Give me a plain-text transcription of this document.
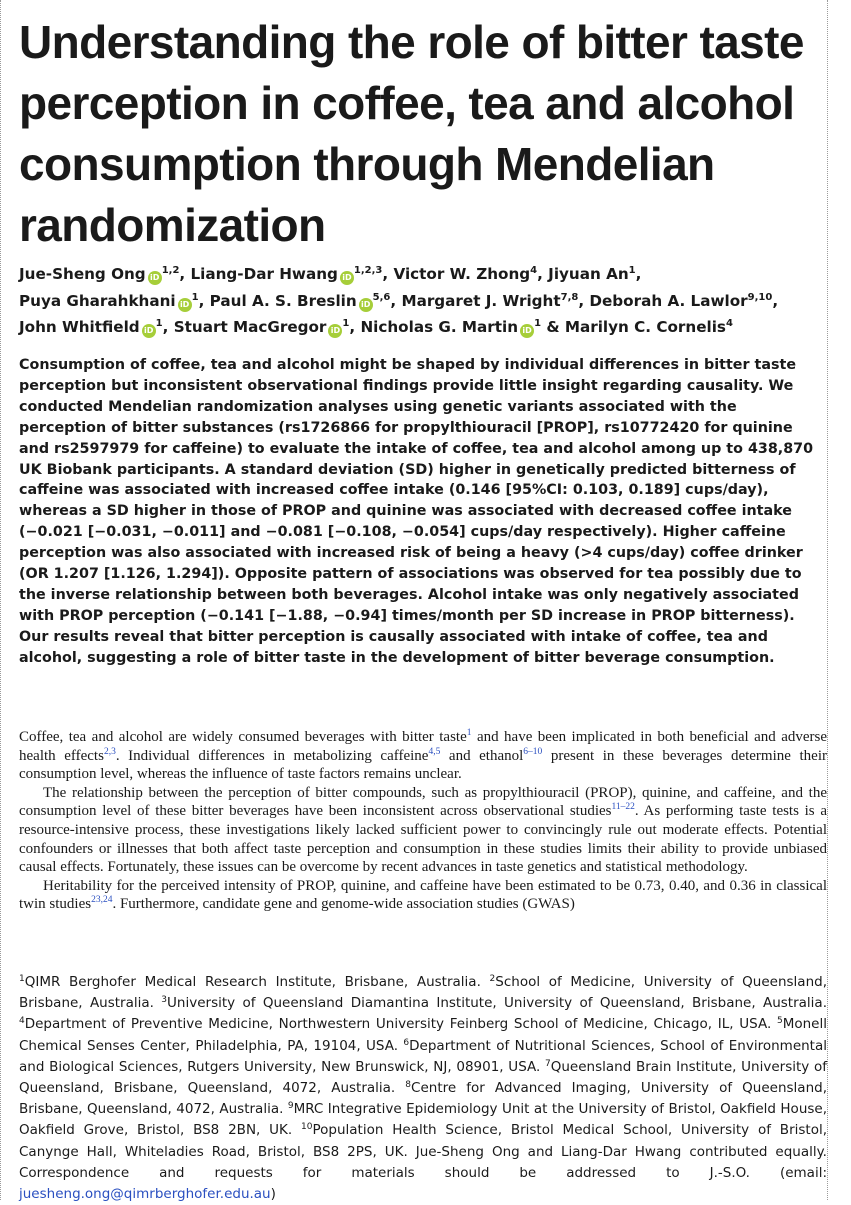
Understanding the role of bitter taste perception in coffee, tea and alcohol consumption through Mendelian randomization
Jue-Sheng Ong iD$^{1,2}$, Liang-Dar Hwang iD$^{1,2,3}$, Victor W. Zhong$^4$, Jiyuan An$^1$, Puya Gharahkhani $iD^1$, Paul A. S. Breslin iD$^{5,6}$, Margaret J. Wright$^{7,8}$, Deborah A. Lawlor$^{9,10}$, John Whitfield $iD^1$, Stuart MacGregor $iD^1$, Nicholas G. Martin $iD^1$ & Marilyn C. Cornelis$^4$
Consumption of coffee, tea and alcohol might be shaped by individual differences in bitter taste perception but inconsistent observational findings provide little insight regarding causality. We conducted Mendelian randomization analyses using genetic variants associated with the perception of bitter substances (rs1726866 for propylthiouracil [PROP], rs10772420 for quinine and rs2597979 for caffeine) to evaluate the intake of coffee, tea and alcohol among up to 438,870 UK Biobank participants. A standard deviation (SD) higher in genetically predicted bitterness of caffeine was associated with increased coffee intake (0.146 [95%CI: 0.103, 0.189] cups/day), whereas a SD higher in those of PROP and quinine was associated with decreased coffee intake (−0.021 [−0.031, −0.011] and −0.081 [−0.108, −0.054] cups/day respectively). Higher caffeine perception was also associated with increased risk of being a heavy (>4 cups/day) coffee drinker (OR 1.207 [1.126, 1.294]). Opposite pattern of associations was observed for tea possibly due to the inverse relationship between both beverages. Alcohol intake was only negatively associated with PROP perception (−0.141 [−1.88, −0.94] times/month per SD increase in PROP bitterness). Our results reveal that bitter perception is causally associated with intake of coffee, tea and alcohol, suggesting a role of bitter taste in the development of bitter beverage consumption.

Coffee, tea and alcohol are widely consumed beverages with bitter taste$^1$ and have been implicated in both beneficial and adverse health effects$^{2,3}$. Individual differences in metabolizing caffeine$^{4,5}$ and ethanol$^{6-10}$ present in these beverages determine their consumption level, whereas the influence of taste factors remains unclear.

The relationship between the perception of bitter compounds, such as propylthiouracil (PROP), quinine, and caffeine, and the consumption level of these bitter beverages have been inconsistent across observational studies$^{11-22}$. As performing taste tests is a resource-intensive process, these investigations likely lacked sufficient power to convincingly rule out moderate effects. Potential confounders or illnesses that both affect taste perception and consumption in these studies limits their ability to provide unbiased causal effects. Fortunately, these issues can be overcome by recent advances in taste genetics and statistical methodology.

Heritability for the perceived intensity of PROP, quinine, and caffeine have been estimated to be 0.73, 0.40, and 0.36 in classical twin studies$^{23,24}$. Furthermore, candidate gene and genome-wide association studies (GWAS)

$^1$QIMR Berghofer Medical Research Institute, Brisbane, Australia. $^2$School of Medicine, University of Queensland, Brisbane, Australia. $^3$University of Queensland Diamantina Institute, University of Queensland, Brisbane, Australia. $^4$Department of Preventive Medicine, Northwestern University Feinberg School of Medicine, Chicago, IL, USA. $^5$Monell Chemical Senses Center, Philadelphia, PA, 19104, USA. $^6$Department of Nutritional Sciences, School of Environmental and Biological Sciences, Rutgers University, New Brunswick, NJ, 08901, USA. $^7$Queensland Brain Institute, University of Queensland, Brisbane, Queensland, 4072, Australia. $^8$Centre for Advanced Imaging, University of Queensland, Brisbane, Queensland, 4072, Australia. $^9$MRC Integrative Epidemiology Unit at the University of Bristol, Oakfield House, Oakfield Grove, Bristol, BS8 2BN, UK. $^{10}$Population Health Science, Bristol Medical School, University of Bristol, Canynge Hall, Whiteladies Road, Bristol, BS8 2PS, UK. Jue-Sheng Ong and Liang-Dar Hwang contributed equally. Correspondence and requests for materials should be addressed to J.-S.O. (email: juesheng.ong@qimrberghofer.edu.au)
